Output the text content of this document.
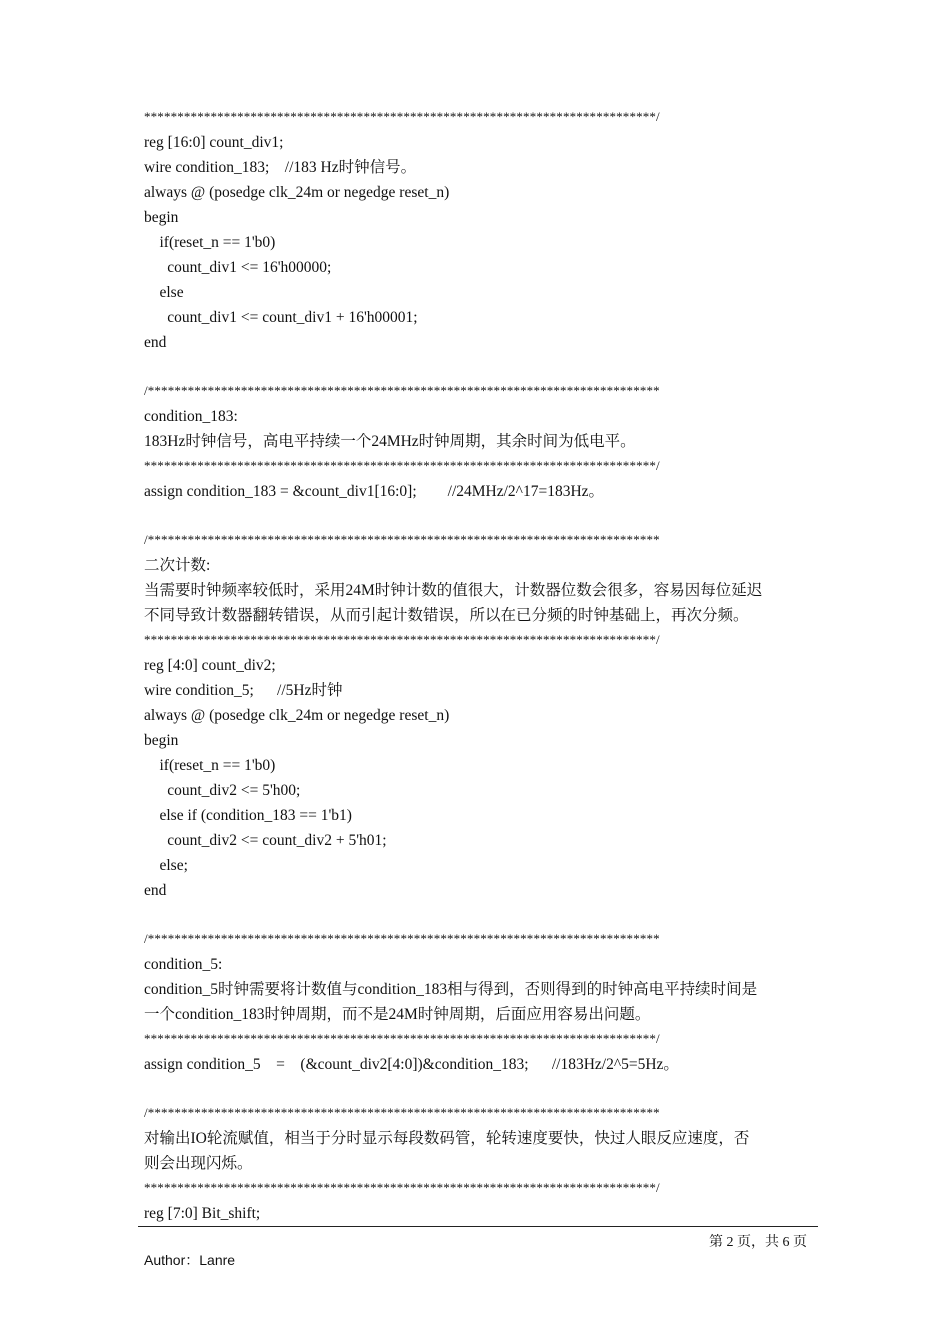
*****************************************************************************/
reg [16:0] count_div1;
wire condition_183;    //183 Hz时钟信号。
always @ (posedge clk_24m or negedge reset_n)
begin
if(reset_n == 1'b0)
count_div1 <= 16'h00000;
else
count_div1 <= count_div1 + 16'h00001;
end
/*****************************************************************************
condition_183:
183Hz时钟信号，高电平持续一个24MHz时钟周期，其余时间为低电平。
*****************************************************************************/
assign condition_183 = &count_div1[16:0];        //24MHz/2^17=183Hz。
/*****************************************************************************
二次计数:
当需要时钟频率较低时，采用24M时钟计数的值很大，计数器位数会很多，容易因每位延迟
不同导致计数器翻转错误，从而引起计数错误，所以在已分频的时钟基础上，再次分频。
*****************************************************************************/
reg [4:0] count_div2;
wire condition_5;      //5Hz时钟
always @ (posedge clk_24m or negedge reset_n)
begin
if(reset_n == 1'b0)
count_div2 <= 5'h00;
else if (condition_183 == 1'b1)
count_div2 <= count_div2 + 5'h01;
else;
end
/*****************************************************************************
condition_5:
condition_5时钟需要将计数值与condition_183相与得到，否则得到的时钟高电平持续时间是
一个condition_183时钟周期，而不是24M时钟周期，后面应用容易出问题。
*****************************************************************************/
assign condition_5    =    (&count_div2[4:0])&condition_183;      //183Hz/2^5=5Hz。
/*****************************************************************************
对输出IO轮流赋值，相当于分时显示每段数码管，轮转速度要快，快过人眼反应速度，否
则会出现闪烁。
*****************************************************************************/
reg [7:0] Bit_shift;
第 2 页，共 6 页
Author：Lanre
